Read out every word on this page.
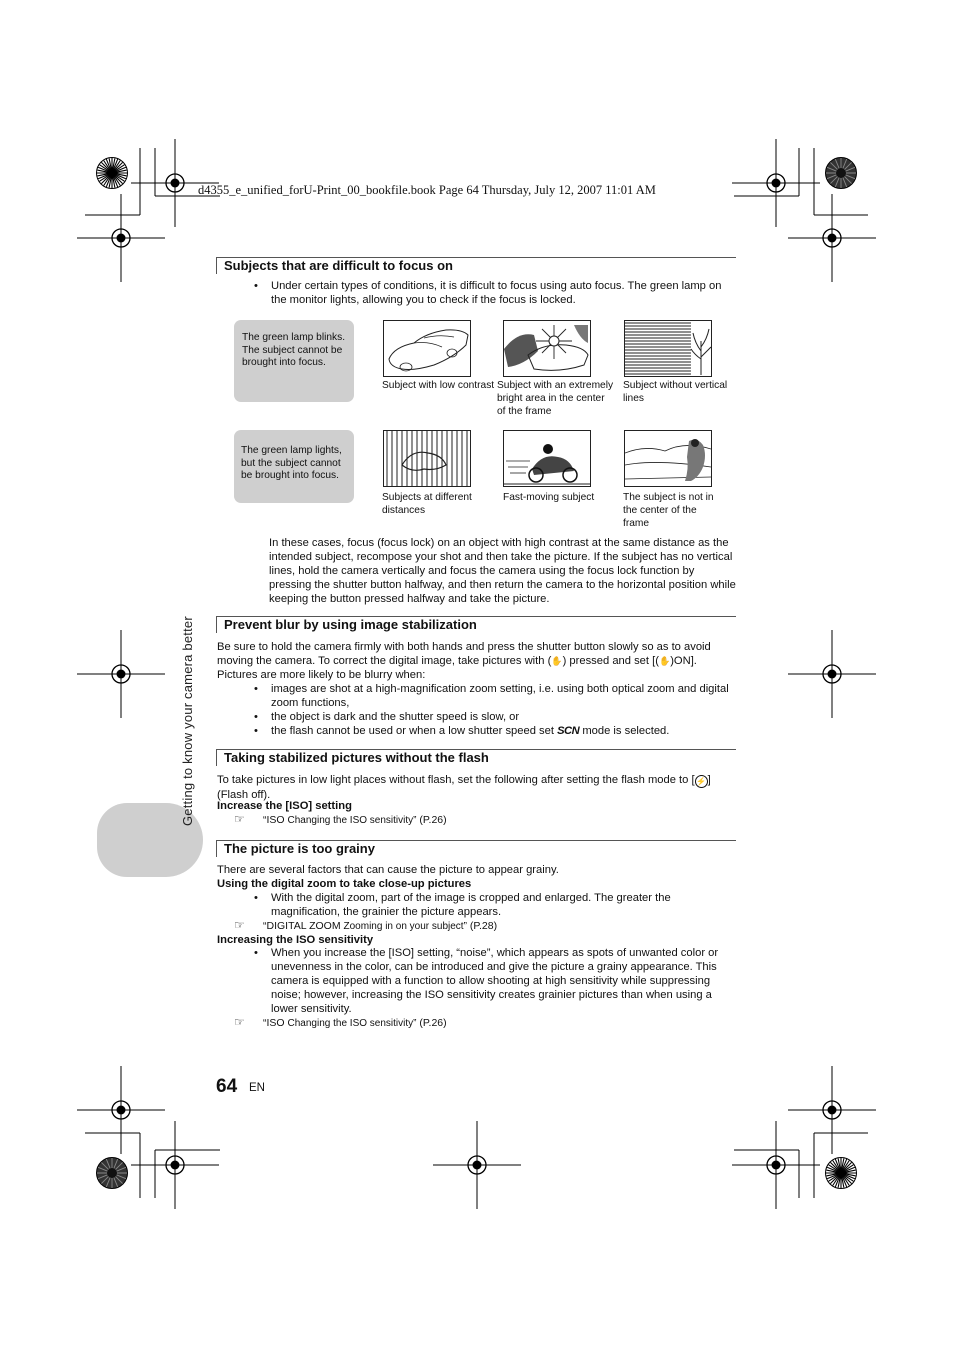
d4355_e_unified_forU-Print_00_bookfile.book Page 64 Thursday, July 12, 2007 11:01 AM
Getting to know your camera better
Subjects that are difficult to focus on
• Under certain types of conditions, it is difficult to focus using auto focus. The green lamp on the monitor lights, allowing you to check if the focus is locked.
The green lamp blinks.
The subject cannot be brought into focus.
The green lamp lights, but the subject cannot be brought into focus.
Subject with low contrast Subject with an extremely bright area in the center of the frame
Subject without vertical lines
Subjects at different distances
Fast-moving subject	The subject is not in the center of the frame
In these cases, focus (focus lock) on an object with high contrast at the same distance as the intended subject, recompose your shot and then take the picture. If the subject has no vertical lines, hold the camera vertically and focus the camera using the focus lock function by pressing the shutter button halfway, and then return the camera to the horizontal position while keeping the button pressed halfway and take the picture.
Prevent blur by using image stabilization
Be sure to hold the camera firmly with both hands and press the shutter button slowly so as to avoid moving the camera. To correct the digital image, take pictures with (✋) pressed and set [(✋)ON]. Pictures are more likely to be blurry when:
• images are shot at a high-magnification zoom setting, i.e. using both optical zoom and digital zoom functions,
• the object is dark and the shutter speed is slow, or
• the flash cannot be used or when a low shutter speed set SCN mode is selected.
Taking stabilized pictures without the flash
To take pictures in low light places without flash, set the following after setting the flash mode to [ ⚡ ] (Flash off).
Increase the [ISO] setting
☞ “ISO Changing the ISO sensitivity” (P.26)
The picture is too grainy
There are several factors that can cause the picture to appear grainy.
Using the digital zoom to take close-up pictures
• With the digital zoom, part of the image is cropped and enlarged. The greater the magnification, the grainier the picture appears.
☞ “DIGITAL ZOOM Zooming in on your subject” (P.28)
Increasing the ISO sensitivity
• When you increase the [ISO] setting, “noise”, which appears as spots of unwanted color or unevenness in the color, can be introduced and give the picture a grainy appearance. This camera is equipped with a function to allow shooting at high sensitivity while suppressing noise; however, increasing the ISO sensitivity creates grainier pictures than when using a lower sensitivity.
☞ “ISO Changing the ISO sensitivity” (P.26)
64 EN
